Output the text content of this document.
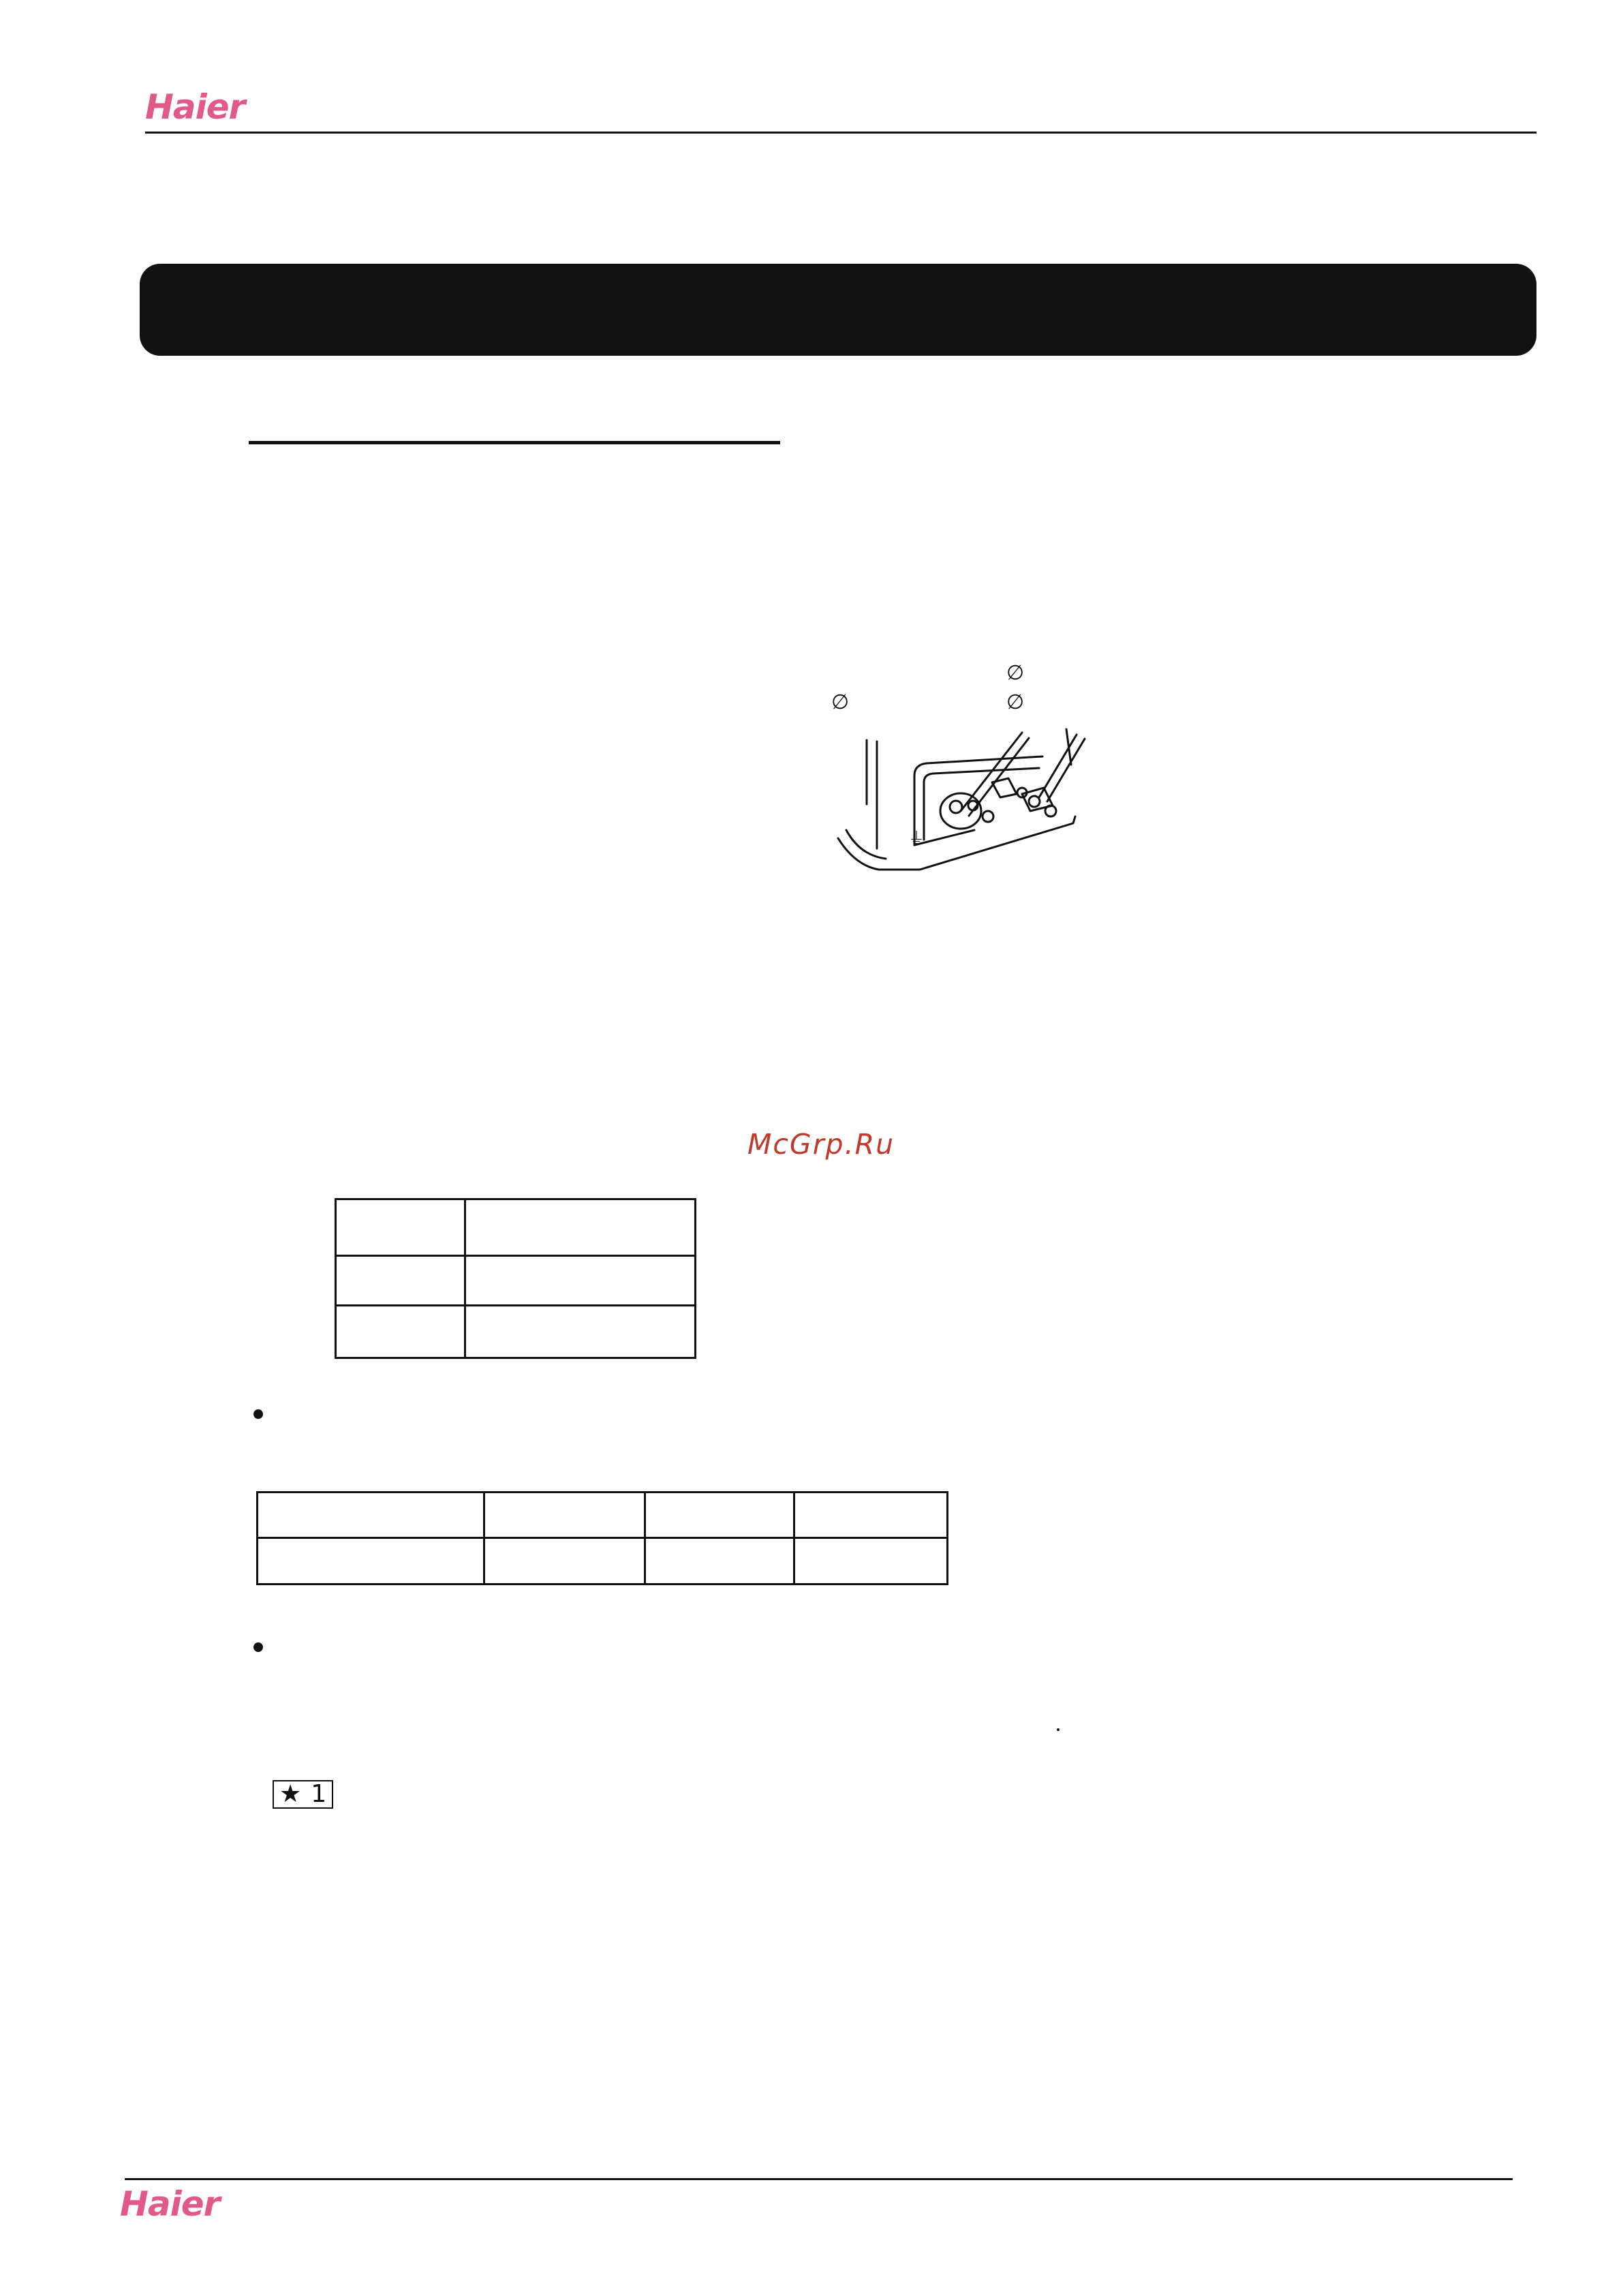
Haier
∅
∅
∅
⏚
McGrp.Ru

★ 1
Haier
